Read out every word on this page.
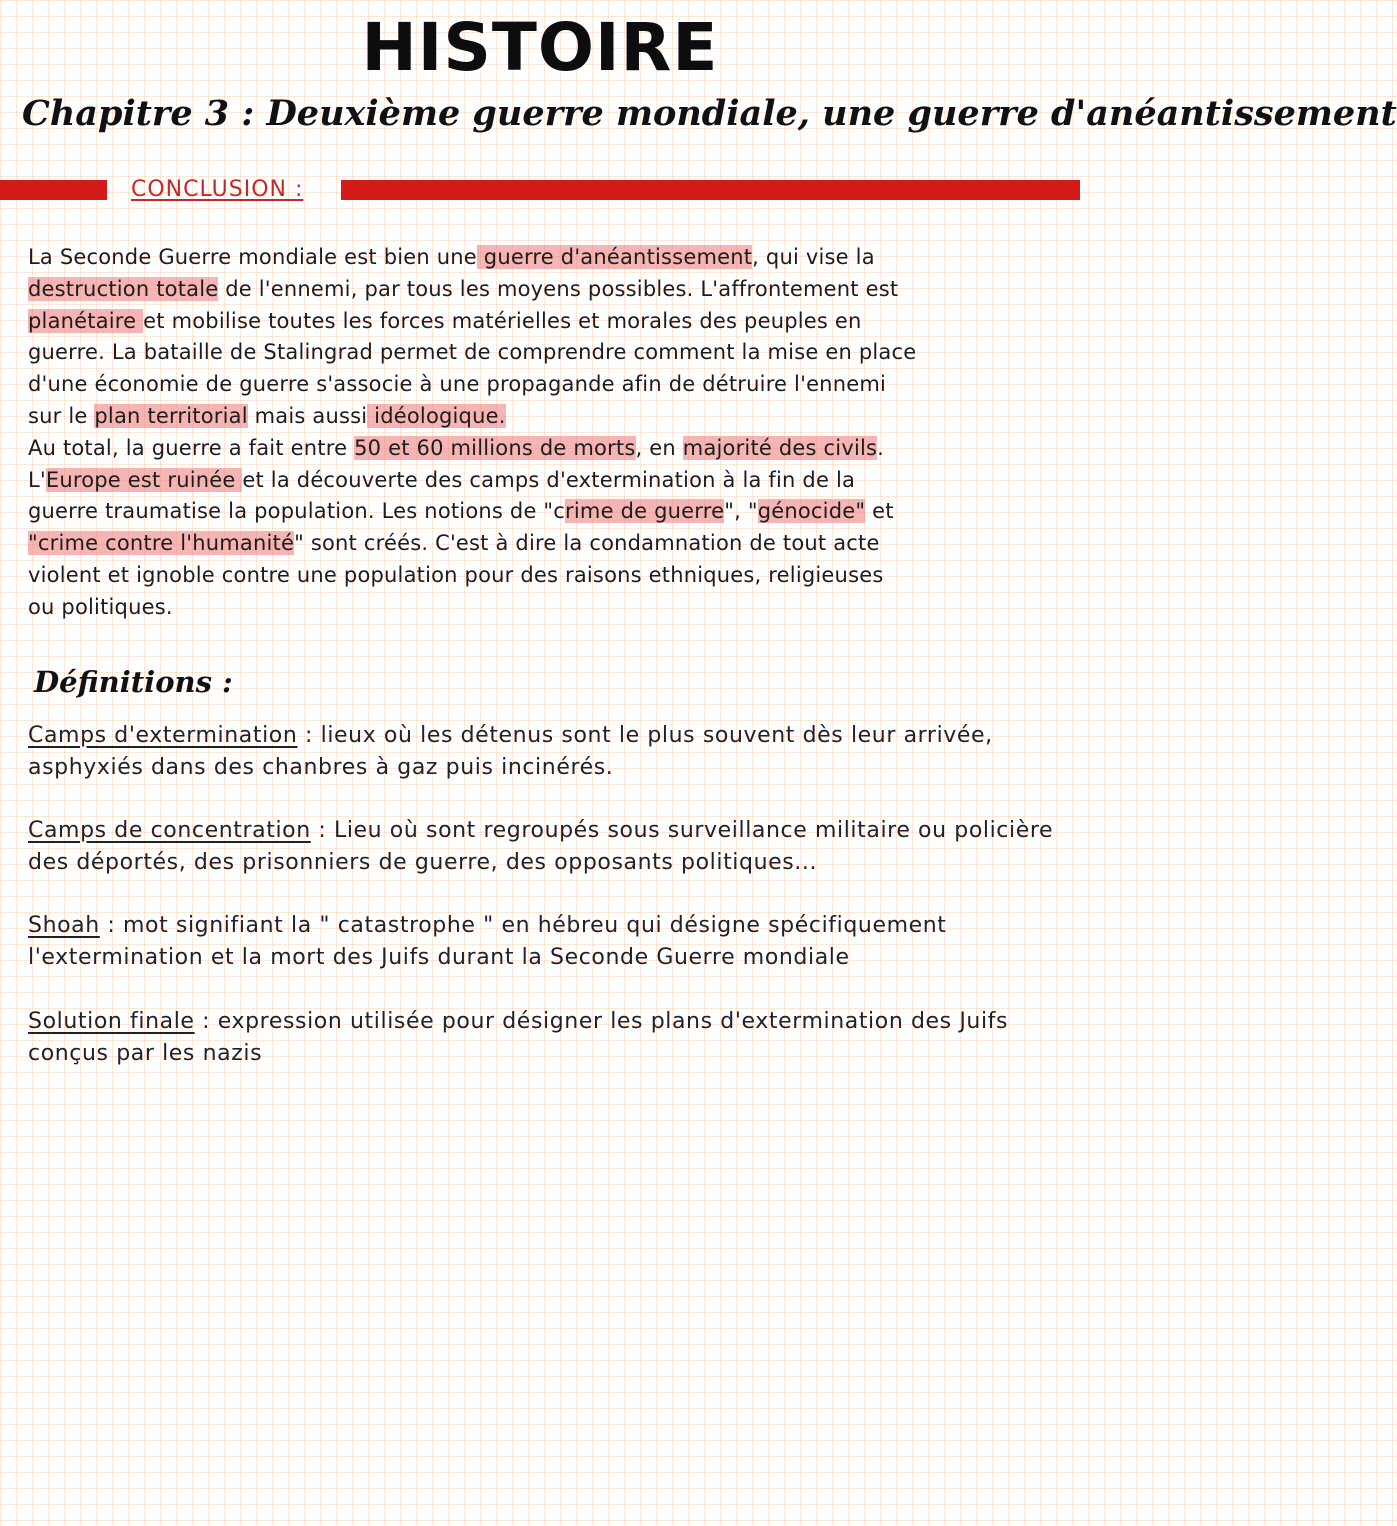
HISTOIRE
Chapitre 3 : Deuxième guerre mondiale, une guerre d'anéantissement
CONCLUSION :
La Seconde Guerre mondiale est bien une guerre d'anéantissement, qui vise la
destruction totale de l'ennemi, par tous les moyens possibles. L'affrontement est
planétaire et mobilise toutes les forces matérielles et morales des peuples en
guerre. La bataille de Stalingrad permet de comprendre comment la mise en place
d'une économie de guerre s'associe à une propagande afin de détruire l'ennemi
sur le plan territorial mais aussi idéologique.
Au total, la guerre a fait entre 50 et 60 millions de morts, en majorité des civils.
L'Europe est ruinée et la découverte des camps d'extermination à la fin de la
guerre traumatise la population. Les notions de "crime de guerre", "génocide" et
"crime contre l'humanité" sont créés. C'est à dire la condamnation de tout acte
violent et ignoble contre une population pour des raisons ethniques, religieuses
ou politiques.
Définitions :
Camps d'extermination : lieux où les détenus sont le plus souvent dès leur arrivée,
asphyxiés dans des chanbres à gaz puis incinérés.
Camps de concentration : Lieu où sont regroupés sous surveillance militaire ou policière
des déportés, des prisonniers de guerre, des opposants politiques...
Shoah : mot signifiant la " catastrophe " en hébreu qui désigne spécifiquement
l'extermination et la mort des Juifs durant la Seconde Guerre mondiale
Solution finale : expression utilisée pour désigner les plans d'extermination des Juifs
conçus par les nazis
